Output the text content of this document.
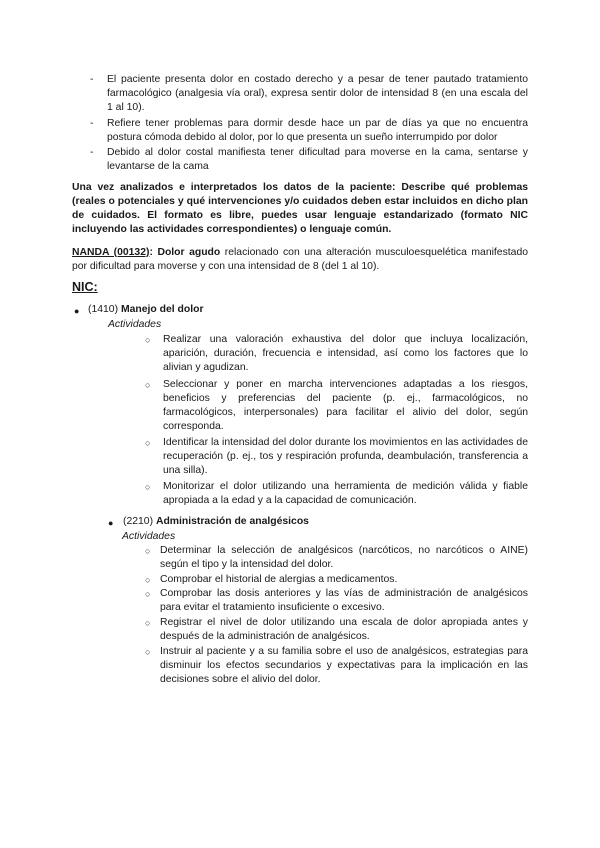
- El paciente presenta dolor en costado derecho y a pesar de tener pautado tratamiento farmacológico (analgesia vía oral), expresa sentir dolor de intensidad 8 (en una escala del 1 al 10).
- Refiere tener problemas para dormir desde hace un par de días ya que no encuentra postura cómoda debido al dolor, por lo que presenta un sueño interrumpido por dolor
- Debido al dolor costal manifiesta tener dificultad para moverse en la cama, sentarse y levantarse de la cama
Una vez analizados e interpretados los datos de la paciente: Describe qué problemas (reales o potenciales y qué intervenciones y/o cuidados deben estar incluidos en dicho plan de cuidados. El formato es libre, puedes usar lenguaje estandarizado (formato NIC incluyendo las actividades correspondientes) o lenguaje común.
NANDA (00132): Dolor agudo relacionado con una alteración musculoesquelética manifestado por dificultad para moverse y con una intensidad de 8 (del 1 al 10).
NIC:
● (1410) Manejo del dolor
Actividades
○ Realizar una valoración exhaustiva del dolor que incluya localización, aparición, duración, frecuencia e intensidad, así como los factores que lo alivian y agudizan.
○ Seleccionar y poner en marcha intervenciones adaptadas a los riesgos, beneficios y preferencias del paciente (p. ej., farmacológicos, no farmacológicos, interpersonales) para facilitar el alivio del dolor, según corresponda.
○ Identificar la intensidad del dolor durante los movimientos en las actividades de recuperación (p. ej., tos y respiración profunda, deambulación, transferencia a una silla).
○ Monitorizar el dolor utilizando una herramienta de medición válida y fiable apropiada a la edad y a la capacidad de comunicación.
● (2210) Administración de analgésicos
Actividades
○ Determinar la selección de analgésicos (narcóticos, no narcóticos o AINE) según el tipo y la intensidad del dolor.
○ Comprobar el historial de alergias a medicamentos.
○ Comprobar las dosis anteriores y las vías de administración de analgésicos para evitar el tratamiento insuficiente o excesivo.
○ Registrar el nivel de dolor utilizando una escala de dolor apropiada antes y después de la administración de analgésicos.
○ Instruir al paciente y a su familia sobre el uso de analgésicos, estrategias para disminuir los efectos secundarios y expectativas para la implicación en las decisiones sobre el alivio del dolor.
